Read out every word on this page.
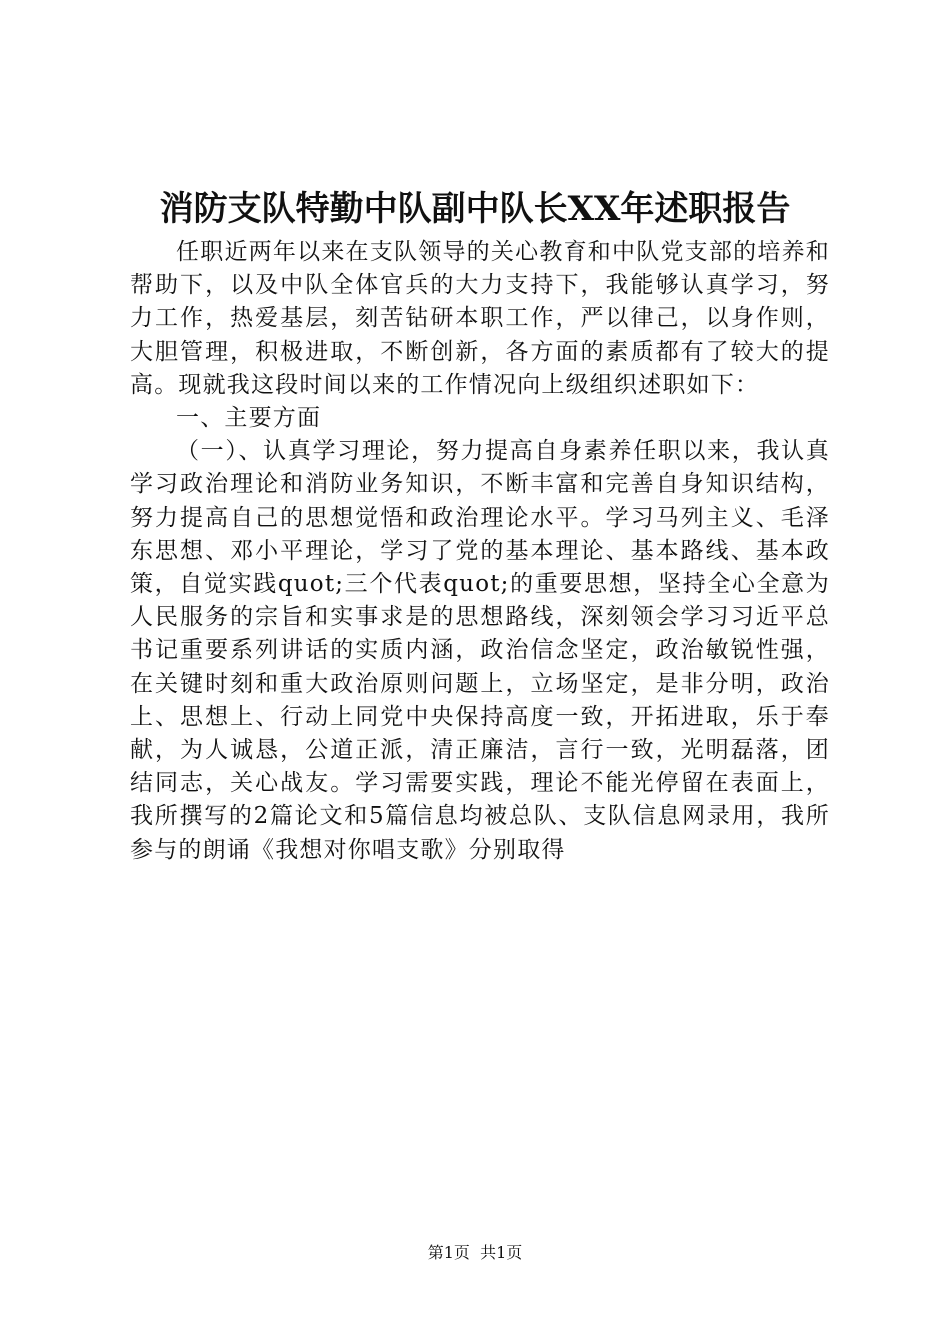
消防支队特勤中队副中队长XX年述职报告

任职近两年以来在支队领导的关心教育和中队党支部的培养和帮助下，以及中队全体官兵的大力支持下，我能够认真学习，努力工作，热爱基层，刻苦钻研本职工作，严以律己，以身作则，大胆管理，积极进取，不断创新，各方面的素质都有了较大的提高。现就我这段时间以来的工作情况向上级组织述职如下：

一、主要方面

（一）、认真学习理论，努力提高自身素养任职以来，我认真学习政治理论和消防业务知识，不断丰富和完善自身知识结构，努力提高自己的思想觉悟和政治理论水平。学习马列主义、毛泽东思想、邓小平理论，学习了党的基本理论、基本路线、基本政策，自觉实践quot;三个代表quot;的重要思想，坚持全心全意为人民服务的宗旨和实事求是的思想路线，深刻领会学习习近平总书记重要系列讲话的实质内涵，政治信念坚定，政治敏锐性强，在关键时刻和重大政治原则问题上，立场坚定，是非分明，政治上、思想上、行动上同党中央保持高度一致，开拓进取，乐于奉献，为人诚恳，公道正派，清正廉洁，言行一致，光明磊落，团结同志，关心战友。学习需要实践，理论不能光停留在表面上，我所撰写的2篇论文和5篇信息均被总队、支队信息网录用，我所参与的朗诵《我想对你唱支歌》分别取得

第1页  共1页
